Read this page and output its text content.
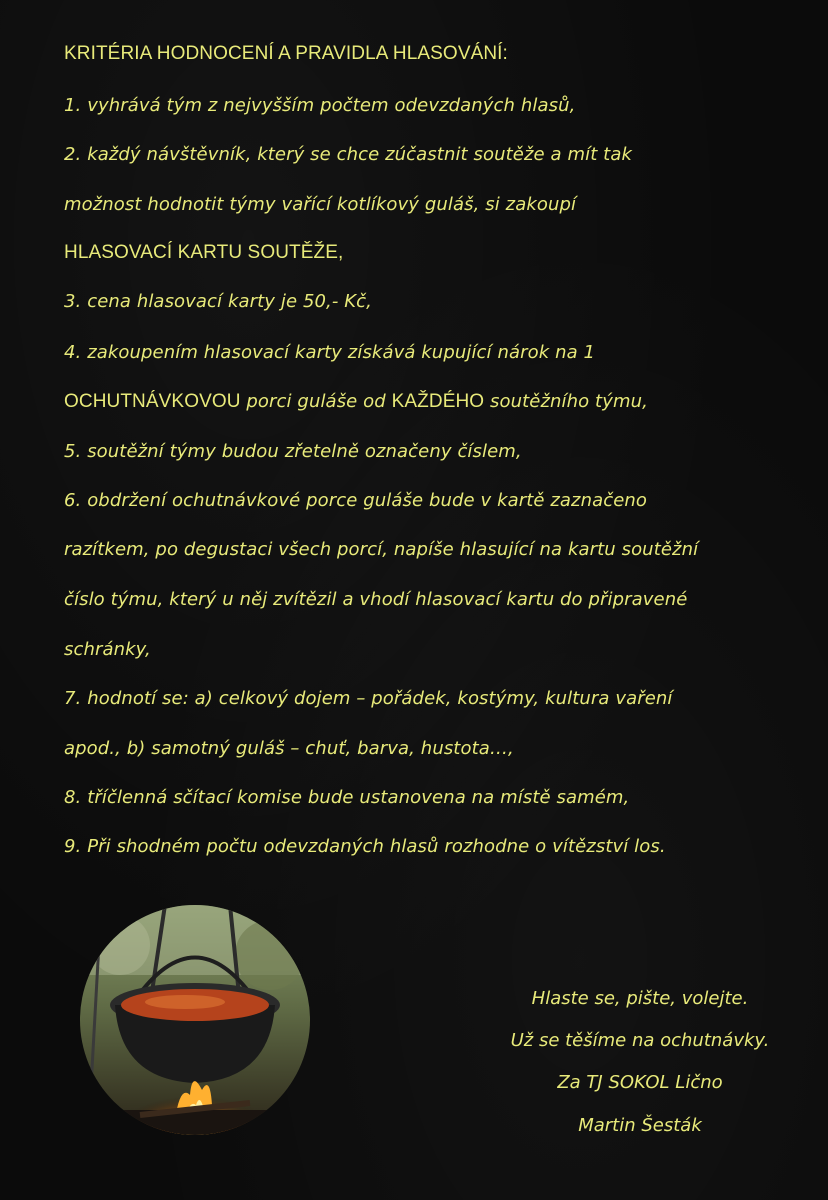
KRITÉRIA HODNOCENÍ A PRAVIDLA HLASOVÁNÍ:
1. vyhrává tým z nejvyšším počtem odevzdaných hlasů,
2. každý návštěvník, který se chce zúčastnit soutěže a mít tak
možnost hodnotit týmy vařící kotlíkový guláš, si zakoupí
HLASOVACÍ KARTU SOUTĚŽE,
3. cena hlasovací karty je 50,- Kč,
4. zakoupením hlasovací karty získává kupující nárok na 1
OCHUTNÁVKOVOU porci guláše od KAŽDÉHO soutěžního týmu,
5. soutěžní týmy budou zřetelně označeny číslem,
6. obdržení ochutnávkové porce guláše bude v kartě zaznačeno
razítkem, po degustaci všech porcí, napíše hlasující na kartu soutěžní
číslo týmu, který u něj zvítězil a vhodí hlasovací kartu do připravené
schránky,
7. hodnotí se: a) celkový dojem – pořádek, kostýmy, kultura vaření
apod., b) samotný guláš – chuť, barva, hustota…,
8. tříčlenná sčítací komise bude ustanovena na místě samém,
9. Při shodném počtu odevzdaných hlasů rozhodne o vítězství los.
Hlaste se, pište, volejte.
Už se těšíme na ochutnávky.
Za TJ SOKOL Lično
Martin Šesták
